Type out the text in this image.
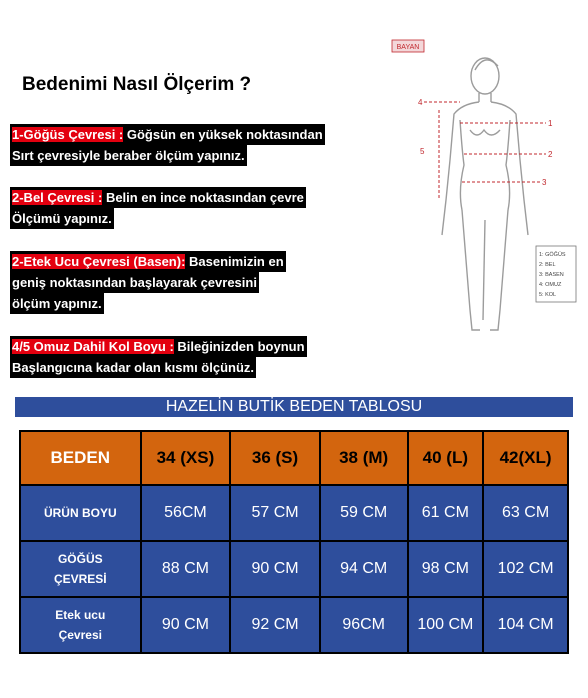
Bedenimi Nasıl Ölçerim ?
1-Göğüs Çevresi : Göğsün en yüksek noktasından
Sırt çevresiyle beraber ölçüm yapınız.
2-Bel Çevresi : Belin en ince noktasından çevre
Ölçümü yapınız.
2-Etek Ucu Çevresi (Basen): Basenimizin en
geniş noktasından başlayarak çevresini
ölçüm yapınız.
4/5 Omuz Dahil Kol Boyu : Bileğinizden boynun
Başlangıcına kadar olan kısmı ölçünüz.
BAYAN
1
2
3
4
5
1: GÖĞÜS
2: BEL
3: BASEN
4: OMUZ
5: KOL
HAZELİN BUTİK BEDEN TABLOSU
BEDEN	34 (XS)	36 (S)	38 (M)	40 (L)	42(XL)
ÜRÜN BOYU	56CM	57 CM	59 CM	61 CM	63 CM
GÖĞÜS
ÇEVRESİ	88 CM	90 CM	94 CM	98 CM	102 CM
Etek ucu
Çevresi	90 CM	92 CM	96CM	100 CM	104 CM
